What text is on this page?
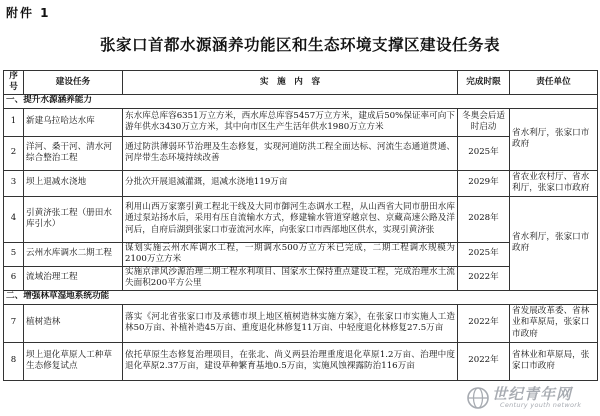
附件 1
张家口首都水源涵养功能区和生态环境支撑区建设任务表
序号	建设任务	实　施　内　容	完成时限	责任单位
一、提升水源涵养能力				
1	新建乌拉哈达水库	东水库总库容6351万立方米，西水库总库容5457万立方米，建成后50%保证率可向下游年供水3430万立方米，其中向市区生产生活年供水1980万立方米	冬奥会后适时启动	省水利厅，张家口市政府
2	洋河、桑干河、清水河综合整治工程	通过防洪薄弱环节治理及生态修复，实现河道防洪工程全面达标、河流生态通道贯通、河岸带生态环境持续改善	2025年	
3	坝上退减水浇地	分批次开展退減灌溉，退减水浇地119万亩	2029年	省农业农村厅、省水利厅，张家口市政府
4	引黄济张工程（册田水库引水）	利用山西万家寨引黄工程北干线及大同市御河生态调水工程，从山西省大同市册田水库通过泵站扬水后，采用有压自流输水方式，修建输水管道穿越京包、京藏高速公路及洋河后，自府后湖到张家口市壶流河水库，向张家口市西部地区供水，实现引黄济张	2028年	省水利厅，张家口市政府
5	云州水库调水二期工程	谋划实施云州水库调水工程，一期调水500万立方米已完成，二期工程调水规模为2100万立方米	2025年	
6	流域治理工程	实施京津风沙源治理二期工程水利项目、国家水土保持重点建设工程，完成治理水土流失面积200平方公里	2022年	
二、增强林草湿地系统功能				
7	植树造林	落实《河北省张家口市及承德市坝上地区植树造林实施方案》，在张家口市实施人工造林50万亩、补植补造45万亩、重度退化林修复11万亩、中轻度退化林修复27.5万亩	2022年	省发展改革委、省林业和草原局，张家口市政府
8	坝上退化草原人工种草生态修复试点	依托草原生态修复治理项目，在张北、尚义两县治理重度退化草原1.2万亩、治理中度退化草原2.37万亩，建设草种繁育基地0.5万亩，实施风蚀裸露防治116万亩	2022年	省林业和草原局，张家口市政府
世纪青年网
Century youth network
